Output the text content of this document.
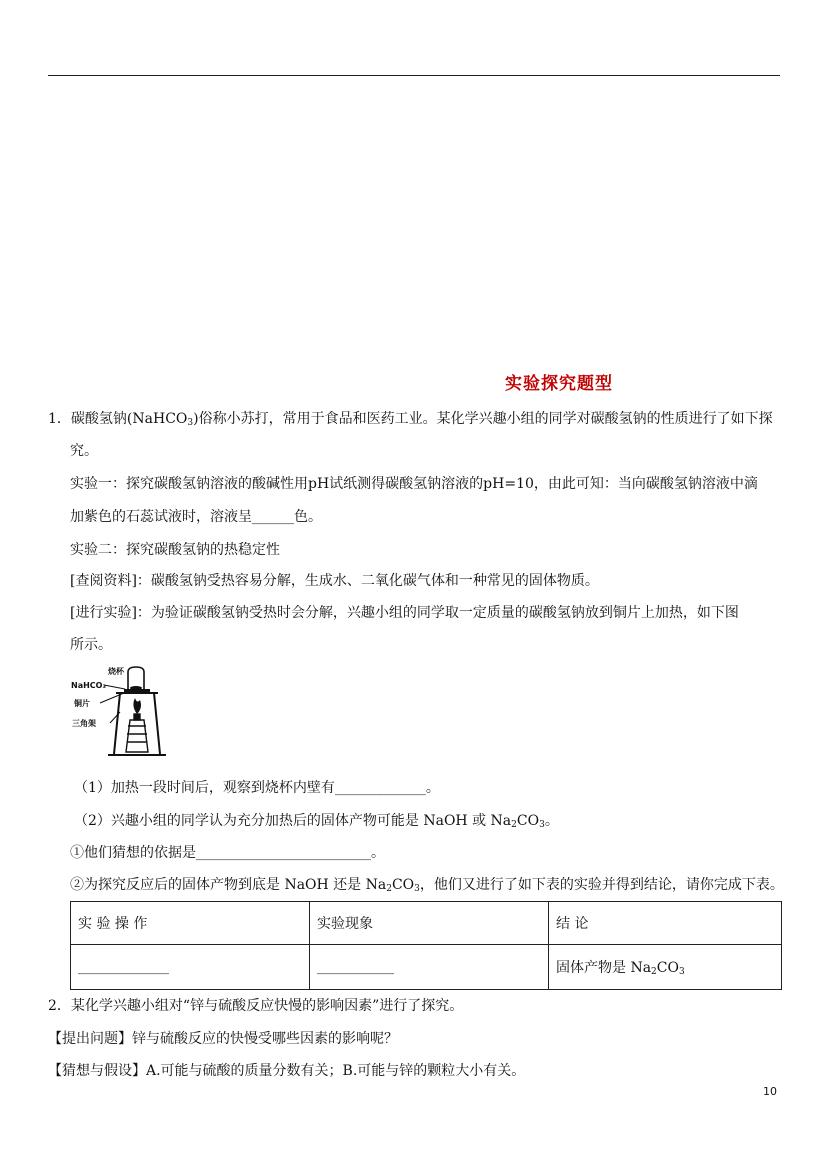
实验探究题型
1．碳酸氢钠(NaHCO$_3$)俗称小苏打，常用于食品和医药工业。某化学兴趣小组的同学对碳酸氢钠的性质进行了如下探
究。
实验一：探究碳酸氢钠溶液的酸碱性用pH试纸测得碳酸氢钠溶液的pH=10，由此可知：当向碳酸氢钠溶液中滴
加紫色的石蕊试液时，溶液呈______色。
实验二：探究碳酸氢钠的热稳定性
[查阅资料]：碳酸氢钠受热容易分解，生成水、二氧化碳气体和一种常见的固体物质。
[进行实验]：为验证碳酸氢钠受热时会分解，兴趣小组的同学取一定质量的碳酸氢钠放到铜片上加热，如下图
所示。
烧杯
NaHCO₃
铜片
三角架
（1）加热一段时间后，观察到烧杯内壁有_____________。
（2）兴趣小组的同学认为充分加热后的固体产物可能是 NaOH 或 $Na_2CO_3$。
①他们猜想的依据是_________________________。
②为探究反应后的固体产物到底是 NaOH 还是 $Na_2CO_3$，他们又进行了如下表的实验并得到结论，请你完成下表。
实 验 操 作	实验现象	结 论
_____________	___________	固体产物是 $Na_2CO_3$
2．某化学兴趣小组对“锌与硫酸反应快慢的影响因素”进行了探究。
【提出问题】锌与硫酸反应的快慢受哪些因素的影响呢？
【猜想与假设】A.可能与硫酸的质量分数有关；B.可能与锌的颗粒大小有关。
10
